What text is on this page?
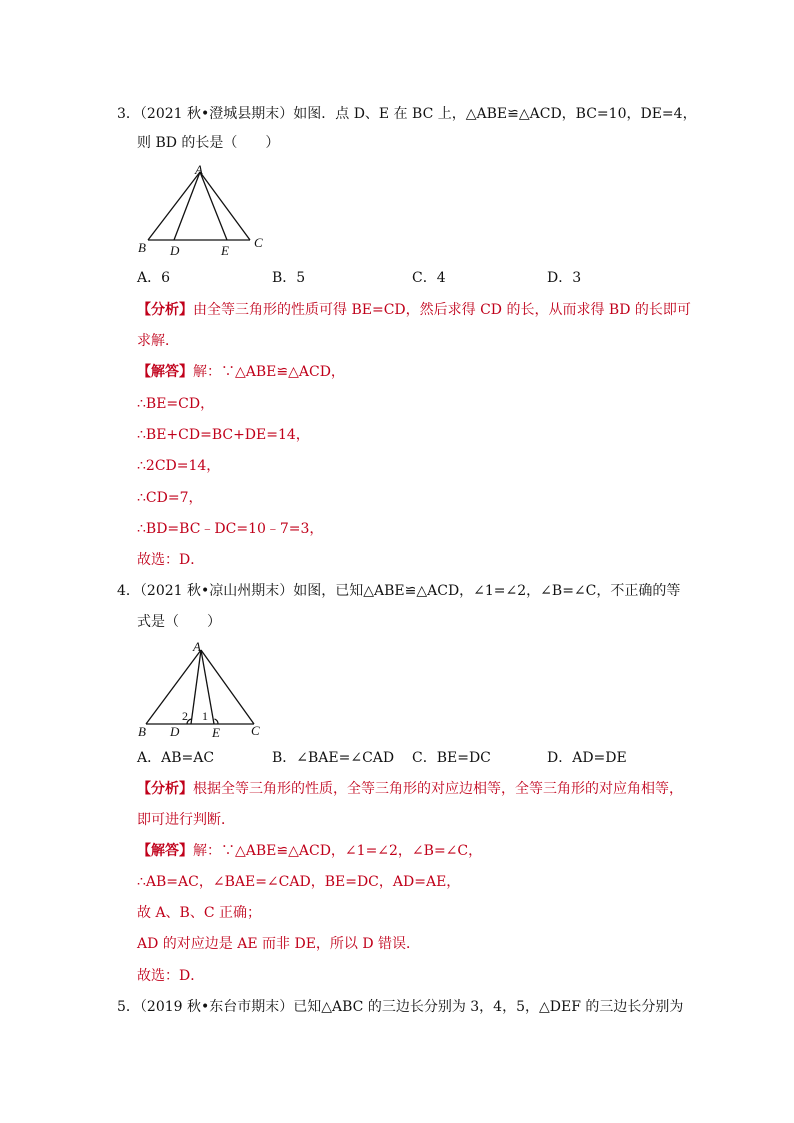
3．（2021 秋•澄城县期末）如图．点 D、E 在 BC 上，△ABE≌△ACD，BC=10，DE=4，
则 BD 的长是（　　）
A
B D	E
C
A．6	B．5	C．4	D．3
【分析】由全等三角形的性质可得 BE=CD，然后求得 CD 的长，从而求得 BD 的长即可
求解．
【解答】解：∵△ABE≌△ACD，
∴BE=CD，
∴BE+CD=BC+DE=14，
∴2CD=14，
∴CD=7，
∴BD=BC﹣DC=10﹣7=3，
故选：D．
4．（2021 秋•凉山州期末）如图，已知△ABE≌△ACD，∠1=∠2，∠B=∠C，不正确的等
式是（　　）
A
B D	E C
2 1
A．AB=AC	B．∠BAE=∠CAD C．BE=DC	D．AD=DE
【分析】根据全等三角形的性质，全等三角形的对应边相等，全等三角形的对应角相等，
即可进行判断．
【解答】解：∵△ABE≌△ACD，∠1=∠2，∠B=∠C，
∴AB=AC，∠BAE=∠CAD，BE=DC，AD=AE，
故 A、B、C 正确；
AD 的对应边是 AE 而非 DE，所以 D 错误．
故选：D．
5．（2019 秋•东台市期末）已知△ABC 的三边长分别为 3，4，5，△DEF 的三边长分别为
